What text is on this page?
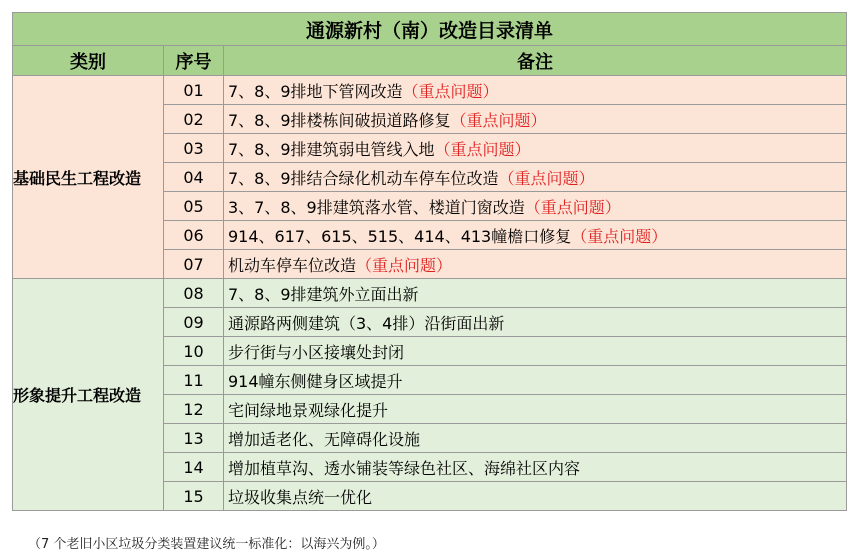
通源新村（南）改造目录清单		
类别	序号	备注
基础民生工程改造	01	7、8、9排地下管网改造（重点问题）
	02	7、8、9排楼栋间破损道路修复（重点问题）
	03	7、8、9排建筑弱电管线入地（重点问题）
	04	7、8、9排结合绿化机动车停车位改造（重点问题）
	05	3、7、8、9排建筑落水管、楼道门窗改造（重点问题）
	06	914、617、615、515、414、413幢檐口修复（重点问题）
	07	机动车停车位改造（重点问题）
形象提升工程改造	08	7、8、9排建筑外立面出新
	09	通源路两侧建筑（3、4排）沿街面出新
	10	步行街与小区接壤处封闭
	11	914幢东侧健身区域提升
	12	宅间绿地景观绿化提升
	13	增加适老化、无障碍化设施
	14	增加植草沟、透水铺装等绿色社区、海绵社区内容
	15	垃圾收集点统一优化
（7 个老旧小区垃圾分类装置建议统一标准化：以海兴为例。）
